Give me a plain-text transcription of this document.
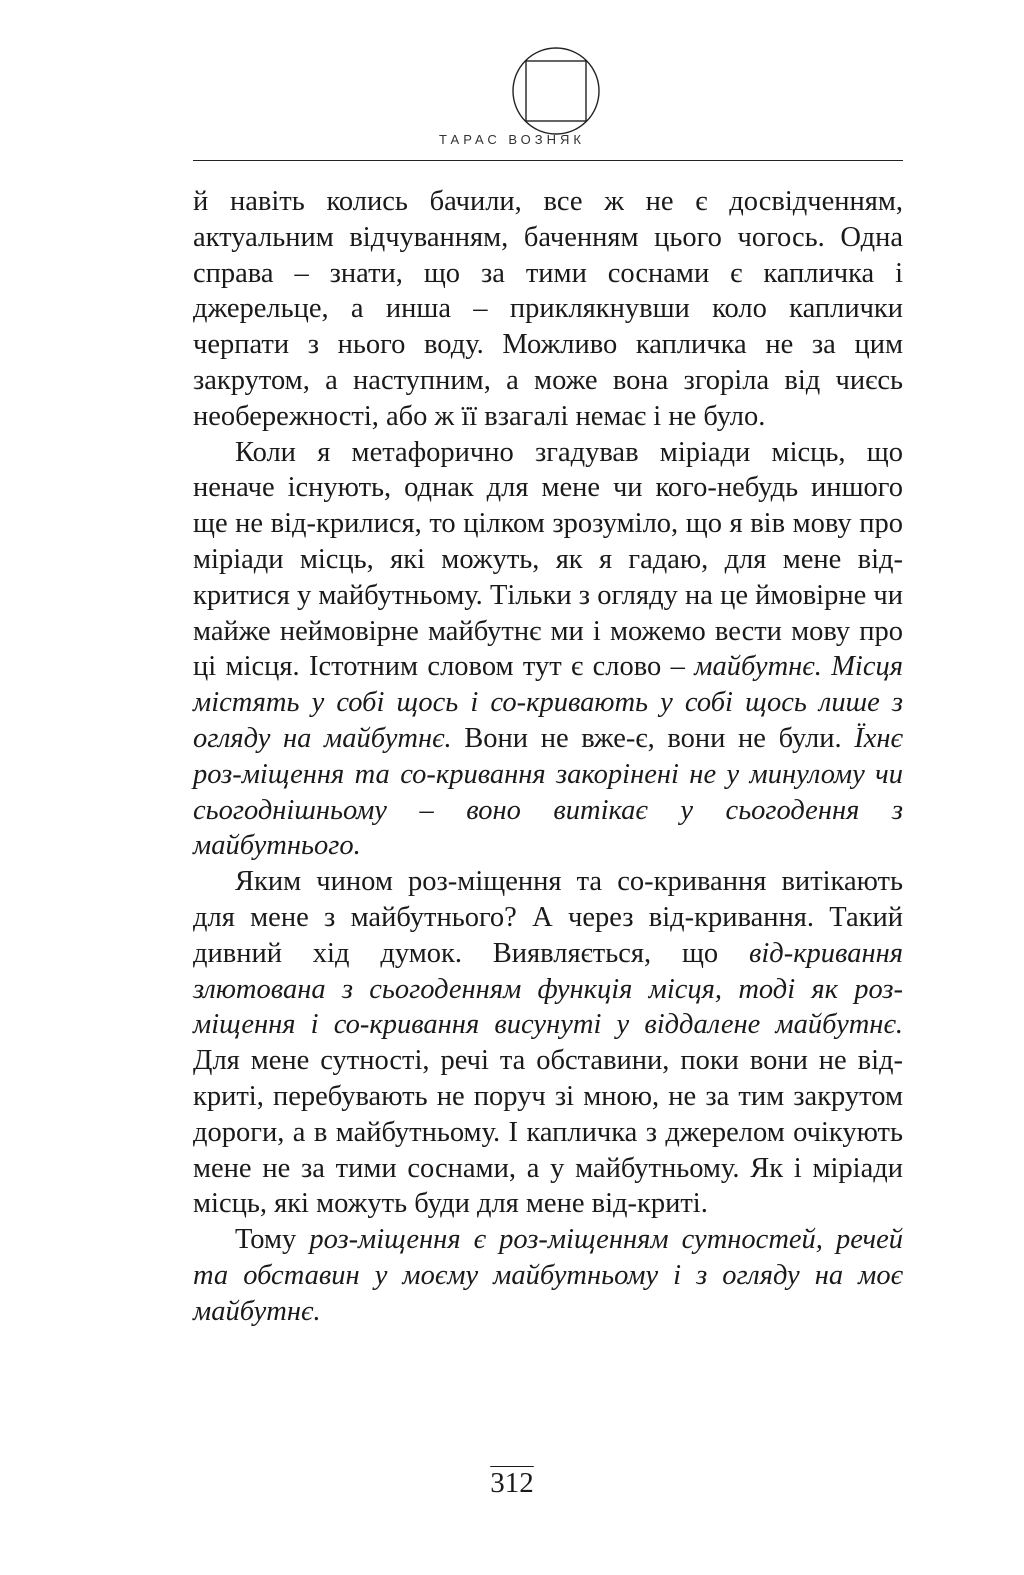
ТАРАС ВОЗНЯК

й навіть колись бачили, все ж не є досвідченням, актуальним відчуванням, баченням цього чогось. Одна справа – знати, що за тими соснами є капличка і джерельце, а инша – приклякнувши коло каплички черпати з нього воду. Можливо капличка не за цим закрутом, а наступним, а може вона згоріла від чиєсь необережності, або ж її взагалі немає і не було.

Коли я метафорично згадував міріади місць, що неначе існують, однак для мене чи кого-небудь иншого ще не від-крилися, то цілком зрозуміло, що я вів мову про міріади місць, які можуть, як я гадаю, для мене від-критися у майбутньому. Тільки з огляду на це ймовірне чи майже неймовірне майбутнє ми і можемо вести мову про ці місця. Істотним словом тут є слово – майбутнє. Місця містять у собі щось і со-кривають у собі щось лише з огляду на майбутнє. Вони не вже-є, вони не були. Їхнє роз-міщення та со-кривання закорінені не у минулому чи сьогоднішньому – воно витікає у сьогодення з майбутнього.

Яким чином роз-міщення та со-кривання витікають для мене з майбутнього? А через від-кривання. Такий дивний хід думок. Виявляється, що від-кривання злютована з сьогоденням функція місця, тоді як роз-міщення і со-кривання висунуті у віддалене майбутнє. Для мене сутності, речі та обставини, поки вони не від-криті, перебувають не поруч зі мною, не за тим закрутом дороги, а в майбутньому. І капличка з джерелом очікують мене не за тими соснами, а у майбутньому. Як і міріади місць, які можуть буди для мене від-криті.

Тому роз-міщення є роз-міщенням сутностей, речей та обставин у моєму майбутньому і з огляду на моє майбутнє.

312
